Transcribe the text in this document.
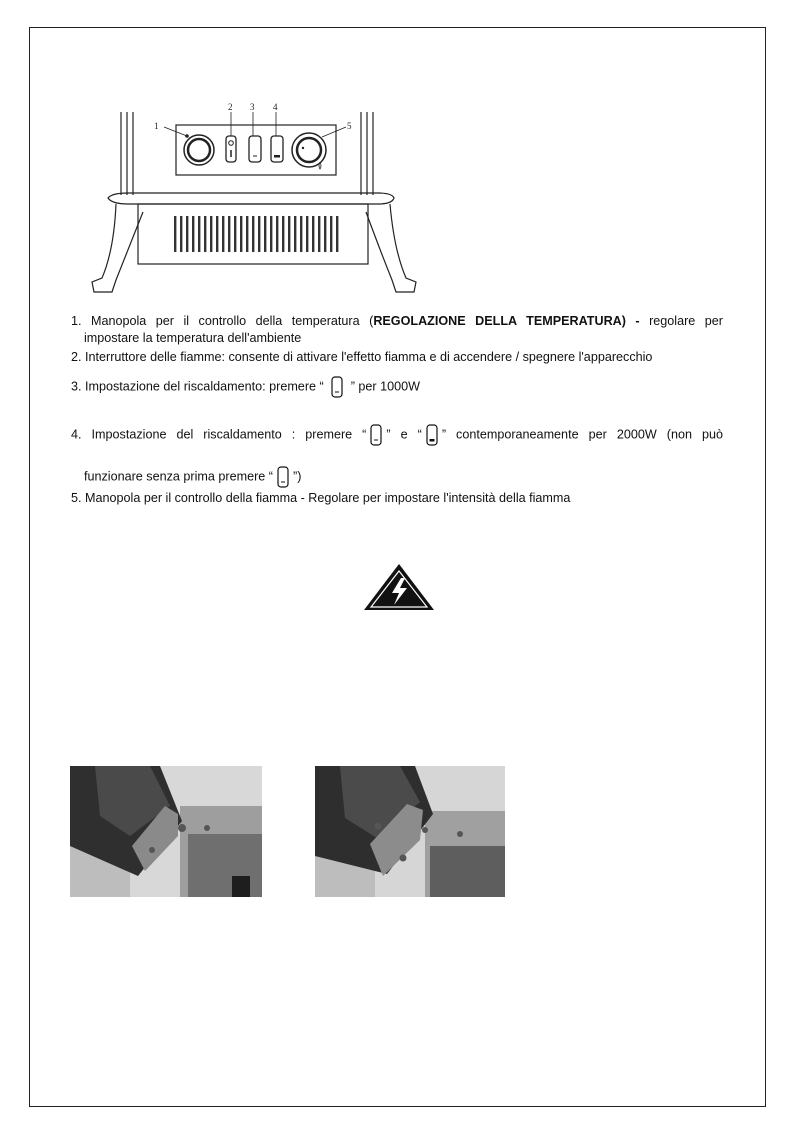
1
2 3 4
5
1. Manopola per il controllo della temperatura (REGOLAZIONE DELLA TEMPERATURA) - regolare per
impostare la temperatura dell'ambiente
2. Interruttore delle fiamme: consente di attivare l'effetto fiamma e di accendere / spegnere l'apparecchio
3. Impostazione del riscaldamento: premere “ ” per 1000W
4. Impostazione del riscaldamento : premere “ ” e “ ” contemporaneamente per 2000W (non può
funzionare senza prima premere “ ”)
5. Manopola per il controllo della fiamma - Regolare per impostare l'intensità della fiamma
